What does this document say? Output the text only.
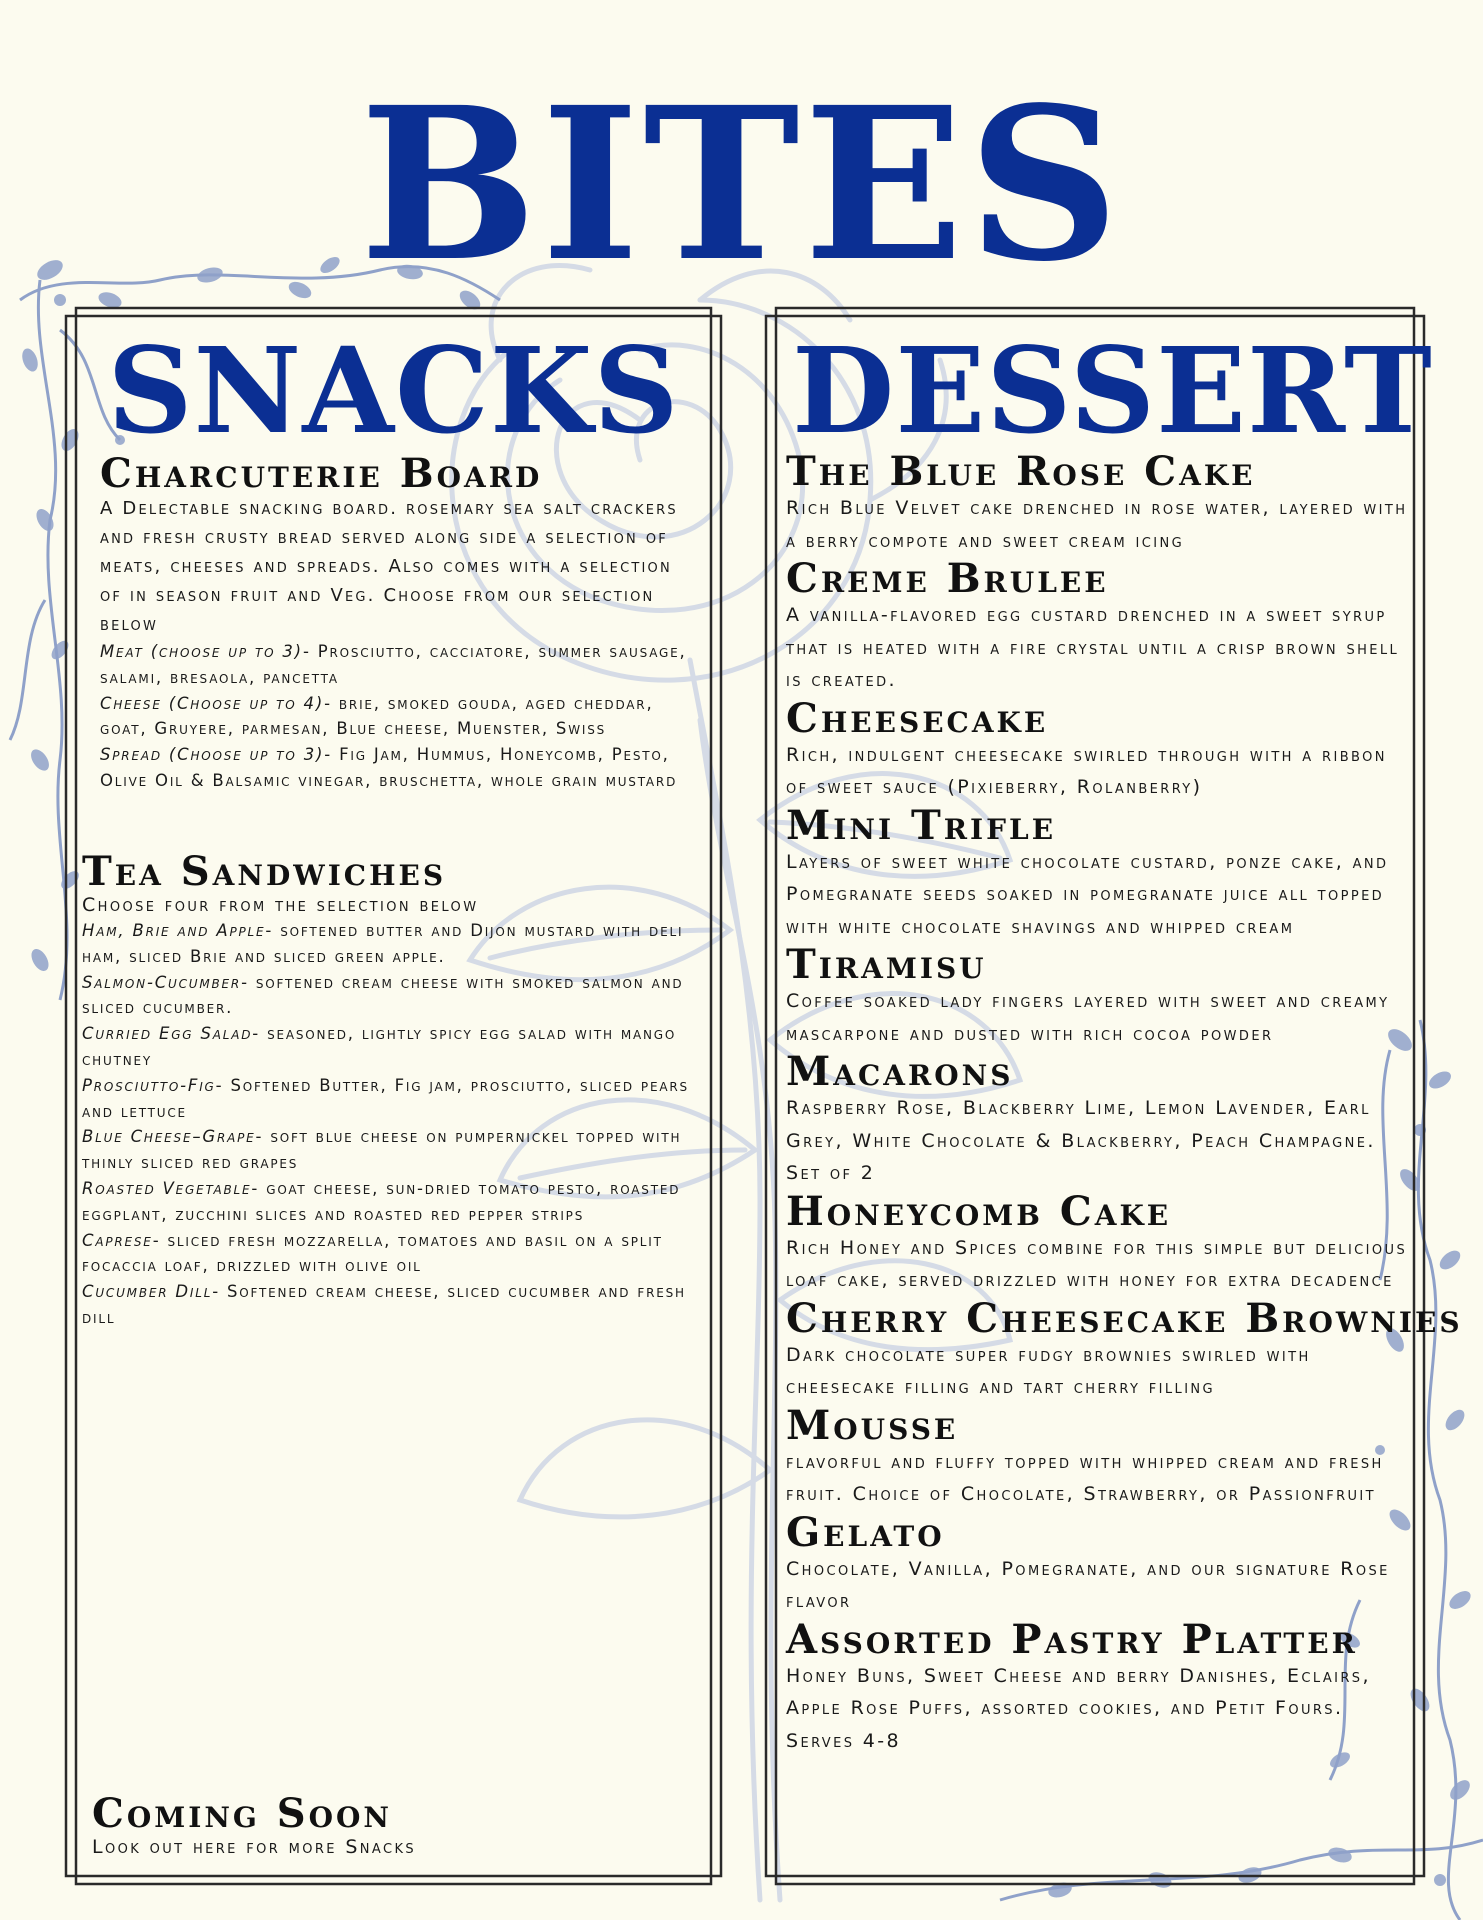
BITES
SNACKS
Charcuterie Board

A Delectable snacking board. rosemary sea salt crackers and fresh crusty bread served along side a selection of meats, cheeses and spreads. Also comes with a selection of in season fruit and Veg. Choose from our selection below

Meat (choose up to 3)- Prosciutto, cacciatore, summer sausage, salami, bresaola, pancetta

Cheese (Choose up to 4)- brie, smoked gouda, aged cheddar, goat, Gruyere, parmesan, Blue cheese, Muenster, Swiss

Spread (Choose up to 3)- Fig Jam, Hummus, Honeycomb, Pesto, Olive Oil & Balsamic vinegar, bruschetta, whole grain mustard

Tea Sandwiches

Choose four from the selection below

Ham, Brie and Apple- softened butter and Dijon mustard with deli ham, sliced Brie and sliced green apple.

Salmon-Cucumber- softened cream cheese with smoked salmon and sliced cucumber.

Curried Egg Salad- seasoned, lightly spicy egg salad with mango chutney

Prosciutto-Fig- Softened Butter, Fig jam, prosciutto, sliced pears and lettuce

Blue Cheese–Grape- soft blue cheese on pumpernickel topped with thinly sliced red grapes

Roasted Vegetable- goat cheese, sun-dried tomato pesto, roasted eggplant, zucchini slices and roasted red pepper strips

Caprese- sliced fresh mozzarella, tomatoes and basil on a split focaccia loaf, drizzled with olive oil

Cucumber Dill- Softened cream cheese, sliced cucumber and fresh dill

Coming Soon

Look out here for more Snacks

DESSERT
The Blue Rose Cake

Rich Blue Velvet cake drenched in rose water, layered with a berry compote and sweet cream icing

Creme Brulee

A vanilla-flavored egg custard drenched in a sweet syrup that is heated with a fire crystal until a crisp brown shell is created.

Cheesecake

Rich, indulgent cheesecake swirled through with a ribbon of sweet sauce (Pixieberry, Rolanberry)

Mini Trifle

Layers of sweet white chocolate custard, ponze cake, and Pomegranate seeds soaked in pomegranate juice all topped with white chocolate shavings and whipped cream

Tiramisu

Coffee soaked lady fingers layered with sweet and creamy mascarpone and dusted with rich cocoa powder

Macarons

Raspberry Rose, Blackberry Lime, Lemon Lavender, Earl Grey, White Chocolate & Blackberry, Peach Champagne. Set of 2

Honeycomb Cake

Rich Honey and Spices combine for this simple but delicious loaf cake, served drizzled with honey for extra decadence

Cherry Cheesecake Brownies

Dark chocolate super fudgy brownies swirled with cheesecake filling and tart cherry filling

Mousse

flavorful and fluffy topped with whipped cream and fresh fruit. Choice of Chocolate, Strawberry, or Passionfruit

Gelato

Chocolate, Vanilla, Pomegranate, and our signature Rose flavor

Assorted Pastry Platter

Honey Buns, Sweet Cheese and berry Danishes, Eclairs, Apple Rose Puffs, assorted cookies, and Petit Fours. Serves 4-8
